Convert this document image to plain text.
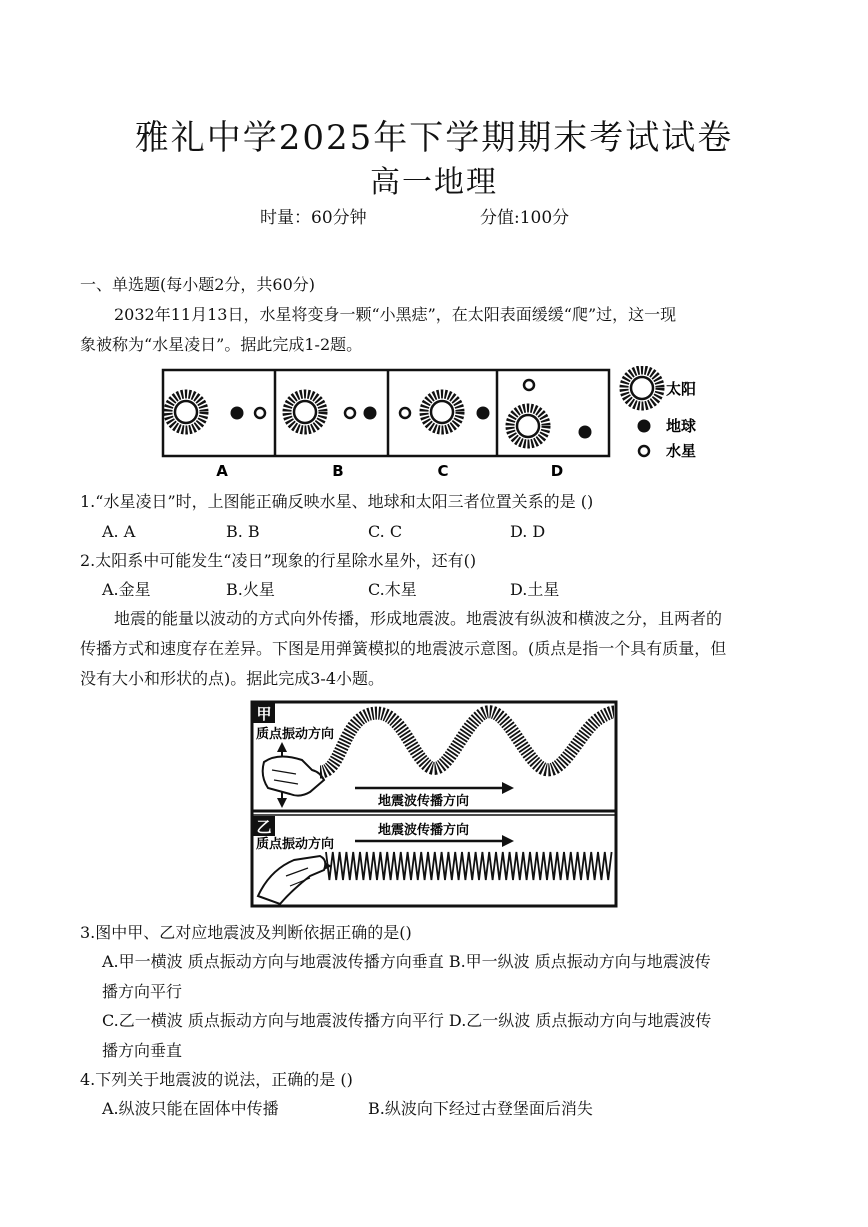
雅礼中学2025年下学期期末考试试卷
高一地理
时量：60分钟	分值:100分
一、单选题(每小题2分，共60分)
2032年11月13日，水星将变身一颗“小黑痣”，在太阳表面缓缓“爬”过，这一现
象被称为“水星凌日”。据此完成1-2题。
A	B	C	D
太阳
地球
水星
1.“水星凌日”时，上图能正确反映水星、地球和太阳三者位置关系的是 ()
A. A	B. B	C. C	D. D
2.太阳系中可能发生“凌日”现象的行星除水星外，还有()
A.金星	B.火星	C.木星	D.土星
地震的能量以波动的方式向外传播，形成地震波。地震波有纵波和横波之分，且两者的
传播方式和速度存在差异。下图是用弹簧模拟的地震波示意图。(质点是指一个具有质量，但
没有大小和形状的点)。据此完成3-4小题。
甲
质点振动方向
地震波传播方向
乙
质点振动方向
地震波传播方向
3.图中甲、乙对应地震波及判断依据正确的是()
A.甲一横波 质点振动方向与地震波传播方向垂直 B.甲一纵波 质点振动方向与地震波传
播方向平行
C.乙一横波 质点振动方向与地震波传播方向平行 D.乙一纵波 质点振动方向与地震波传
播方向垂直
4.下列关于地震波的说法，正确的是 ()
A.纵波只能在固体中传播	B.纵波向下经过古登堡面后消失
